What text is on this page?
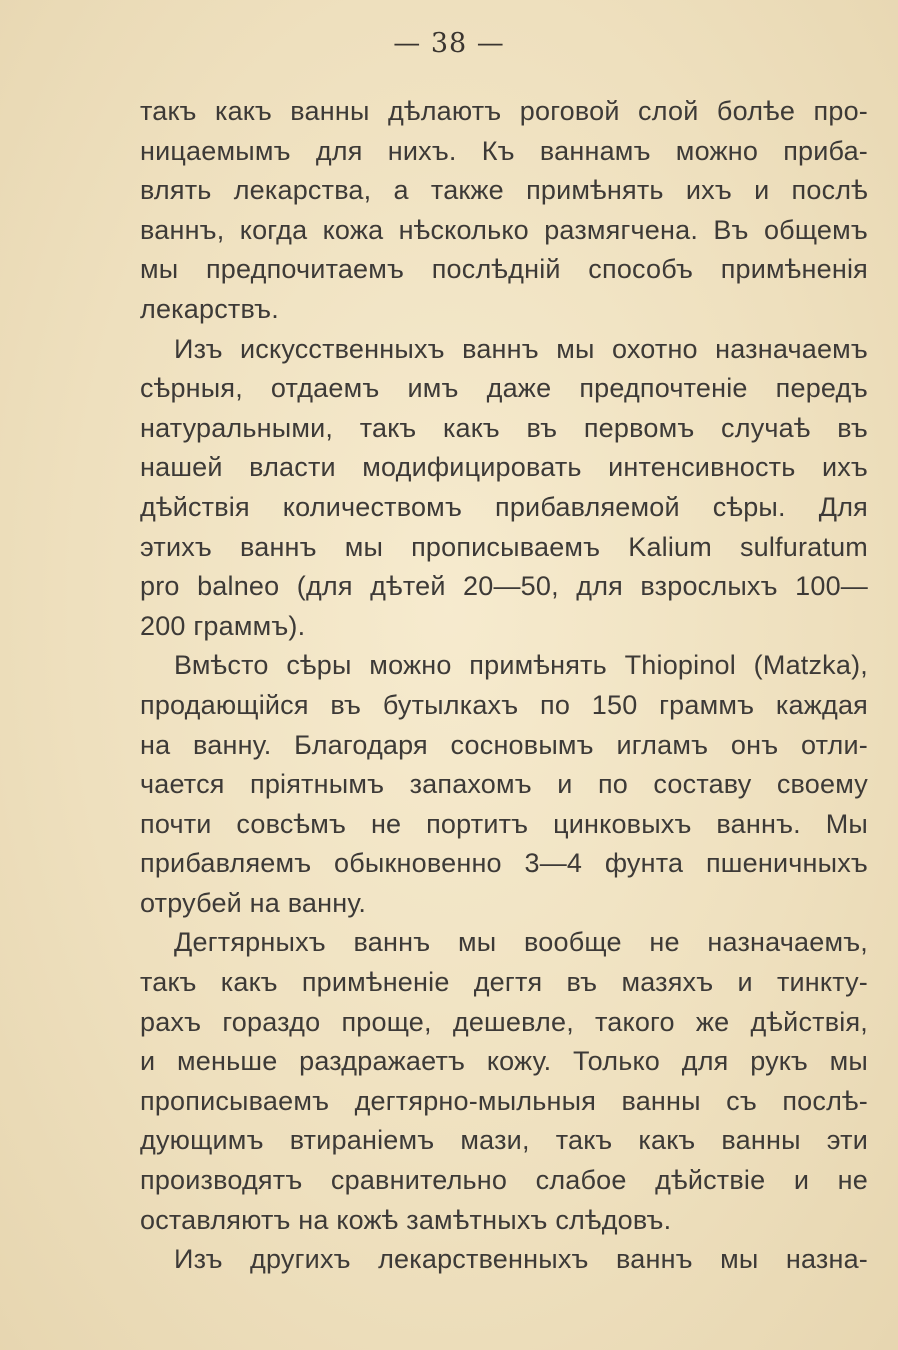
— 38 —
такъ какъ ванны дѣлаютъ роговой слой болѣе про-
ницаемымъ для нихъ. Къ ваннамъ можно приба-
влять лекарства, а также примѣнять ихъ и послѣ
ваннъ, когда кожа нѣсколько размягчена. Въ общемъ
мы предпочитаемъ послѣдній способъ примѣненія
лекарствъ.
Изъ искусственныхъ ваннъ мы охотно назначаемъ
сѣрныя, отдаемъ имъ даже предпочтеніе передъ
натуральными, такъ какъ въ первомъ случаѣ въ
нашей власти модифицировать интенсивность ихъ
дѣйствія количествомъ прибавляемой сѣры. Для
этихъ ваннъ мы прописываемъ Kalium sulfuratum
pro balneo (для дѣтей 20—50, для взрослыхъ 100—
200 граммъ).
Вмѣсто сѣры можно примѣнять Thiopinol (Matzka),
продающійся въ бутылкахъ по 150 граммъ каждая
на ванну. Благодаря сосновымъ игламъ онъ отли-
чается пріятнымъ запахомъ и по составу своему
почти совсѣмъ не портитъ цинковыхъ ваннъ. Мы
прибавляемъ обыкновенно 3—4 фунта пшеничныхъ
отрубей на ванну.
Дегтярныхъ ваннъ мы вообще не назначаемъ,
такъ какъ примѣненіе дегтя въ мазяхъ и тинкту-
рахъ гораздо проще, дешевле, такого же дѣйствія,
и меньше раздражаетъ кожу. Только для рукъ мы
прописываемъ дегтярно-мыльныя ванны съ послѣ-
дующимъ втираніемъ мази, такъ какъ ванны эти
производятъ сравнительно слабое дѣйствіе и не
оставляютъ на кожѣ замѣтныхъ слѣдовъ.
Изъ другихъ лекарственныхъ ваннъ мы назна-
